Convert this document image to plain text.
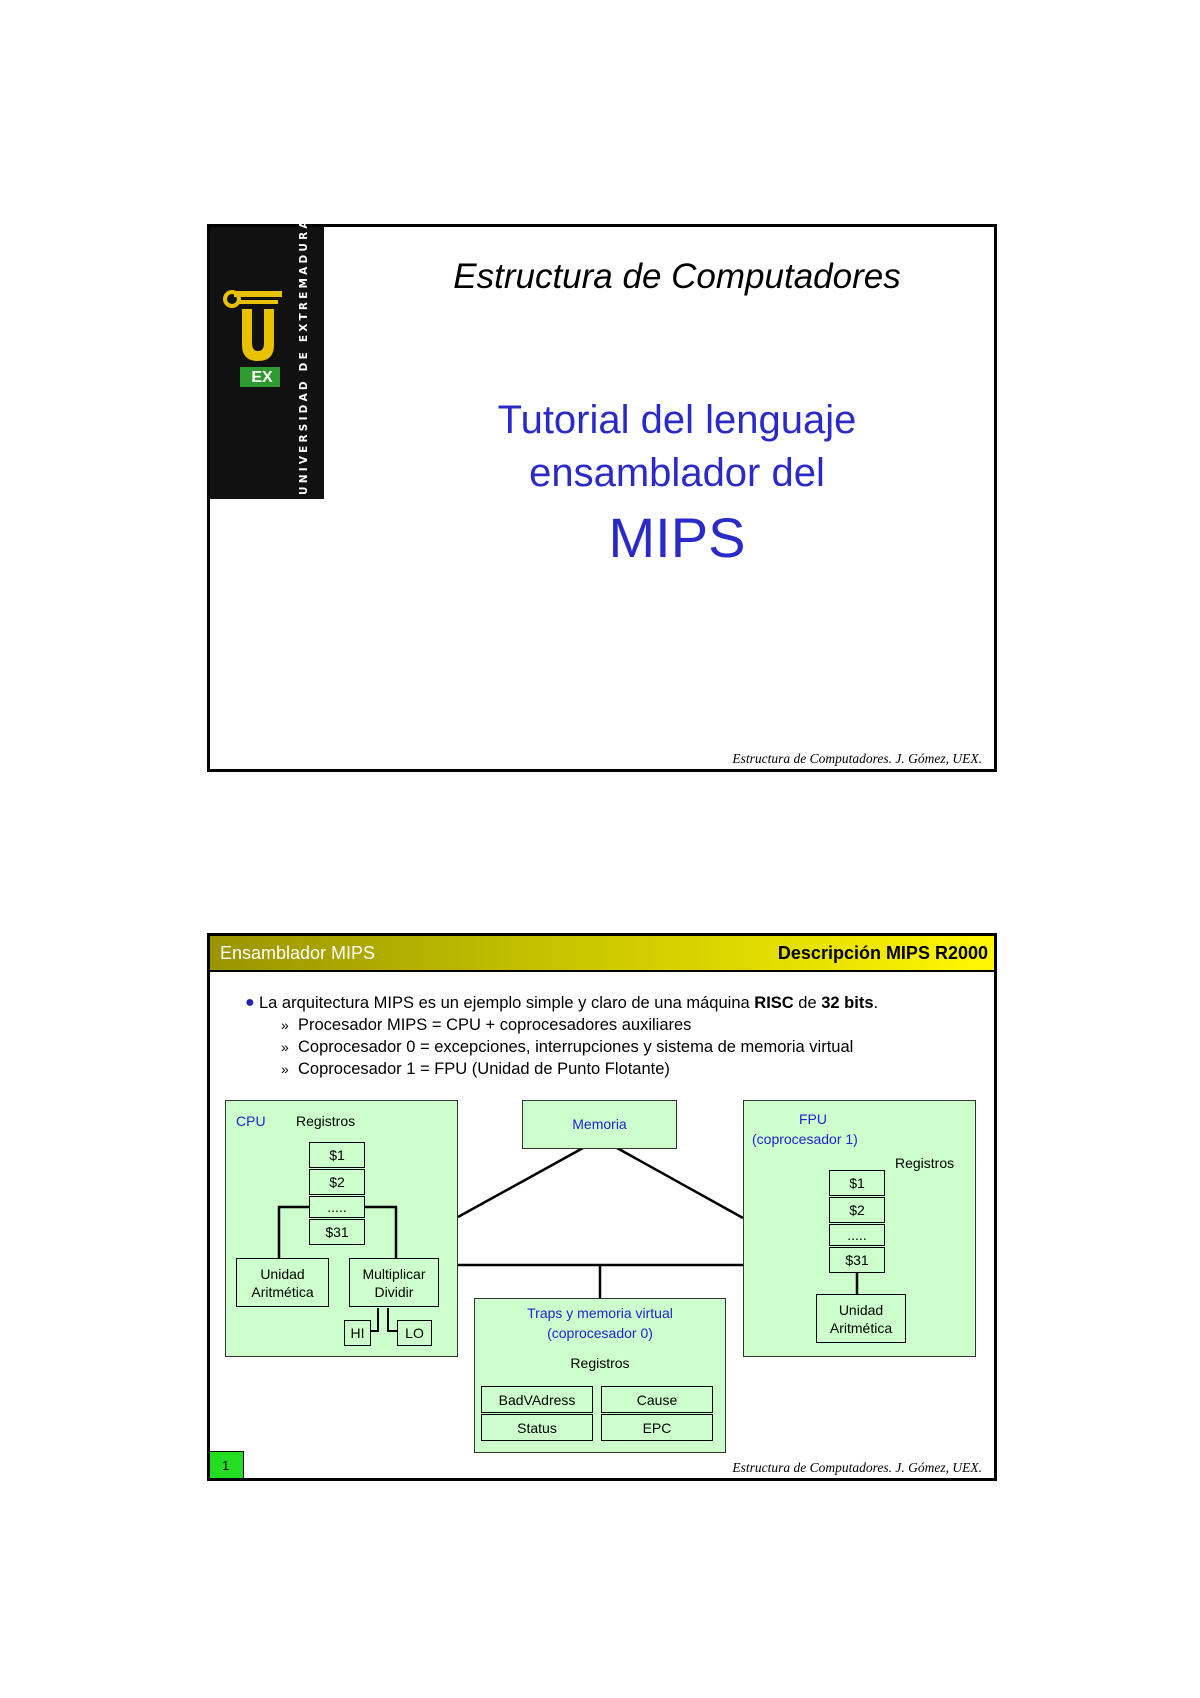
EX	UNIVERSIDAD DE EXTREMADURA	Estructura de Computadores
Tutorial del lenguaje
ensamblador del
MIPS
Estructura de Computadores. J. Gómez, UEX.
Ensamblador MIPS	Descripción MIPS R2000
● La arquitectura MIPS es un ejemplo simple y claro de una máquina RISC de 32 bits.
» Procesador MIPS = CPU + coprocesadores auxiliares
» Coprocesador 0 = excepciones, interrupciones y sistema de memoria virtual
» Coprocesador 1 = FPU (Unidad de Punto Flotante)
CPU Registros
$1
$2
.....
$31
Unidad
Aritmética
Multiplicar
Dividir
HI	LO
Memoria	FPU
(coprocesador 1)
Registros
$1
$2
.....
$31
Unidad
Aritmética
Traps y memoria virtual
(coprocesador 0)
Registros
BadVAdress	Cause
Status	EPC
1	Estructura de Computadores. J. Gómez, UEX.
